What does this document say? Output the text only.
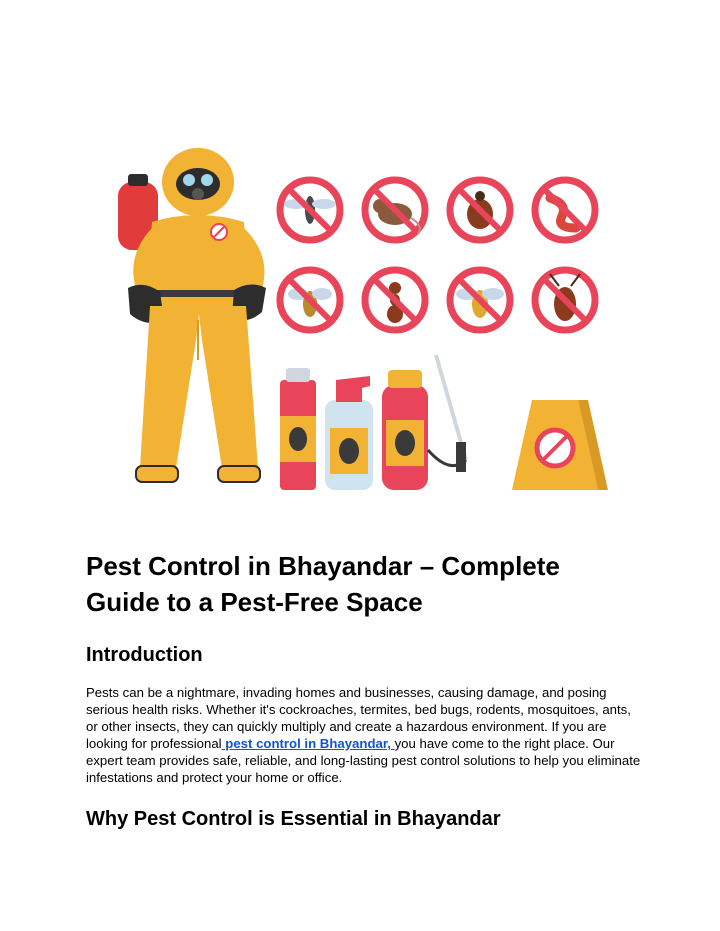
Pest Control in Bhayandar – Complete
Guide to a Pest-Free Space
Introduction

Pests can be a nightmare, invading homes and businesses, causing damage, and posing serious health risks. Whether it's cockroaches, termites, bed bugs, rodents, mosquitoes, ants, or other insects, they can quickly multiply and create a hazardous environment. If you are looking for professional pest control in Bhayandar, you have come to the right place. Our expert team provides safe, reliable, and long-lasting pest control solutions to help you eliminate infestations and protect your home or office.

Why Pest Control is Essential in Bhayandar
